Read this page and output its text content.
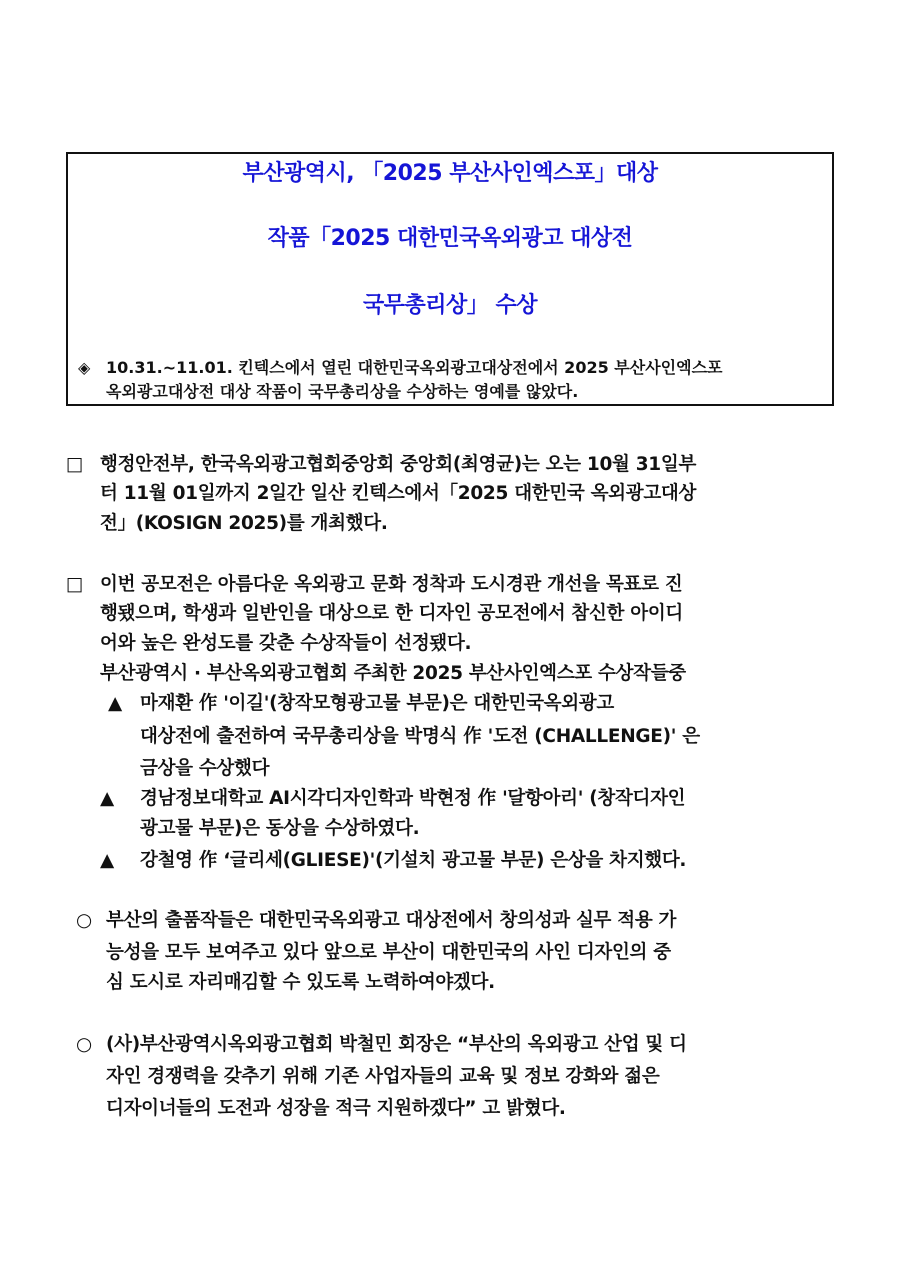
부산광역시, 「2025 부산사인엑스포」대상
작품「2025 대한민국옥외광고 대상전
국무총리상」 수상
◈ 10.31.~11.01. 킨텍스에서 열린 대한민국옥외광고대상전에서 2025 부산사인엑스포
옥외광고대상전 대상 작품이 국무총리상을 수상하는 영예를 않았다.
□ 행정안전부, 한국옥외광고협회중앙회 중앙회(최영균)는 오는 10월 31일부
터 11월 01일까지 2일간 일산 킨텍스에서「2025 대한민국 옥외광고대상
전」(KOSIGN 2025)를 개최했다.
□ 이번 공모전은 아름다운 옥외광고 문화 정착과 도시경관 개선을 목표로 진
행됐으며, 학생과 일반인을 대상으로 한 디자인 공모전에서 참신한 아이디
어와 높은 완성도를 갖춘 수상작들이 선정됐다.
부산광역시 · 부산옥외광고협회 주최한 2025 부산사인엑스포 수상작들중
▲ 마재환 作 '이길'(창작모형광고물 부문)은 대한민국옥외광고
대상전에 출전하여 국무총리상을 박명식 作 '도전 (CHALLENGE)' 은
금상을 수상했다
▲ 경남정보대학교 AI시각디자인학과 박현정 作 '달항아리' (창작디자인
광고물 부문)은 동상을 수상하였다.
▲ 강철영 作 ‘글리세(GLIESE)'(기설치 광고물 부문) 은상을 차지했다.
○ 부산의 출품작들은 대한민국옥외광고 대상전에서 창의성과 실무 적용 가
능성을 모두 보여주고 있다 앞으로 부산이 대한민국의 사인 디자인의 중
심 도시로 자리매김할 수 있도록 노력하여야겠다.
○ (사)부산광역시옥외광고협회 박철민 회장은 “부산의 옥외광고 산업 및 디
자인 경쟁력을 갖추기 위해 기존 사업자들의 교육 및 정보 강화와 젊은
디자이너들의 도전과 성장을 적극 지원하겠다” 고 밝혔다.
